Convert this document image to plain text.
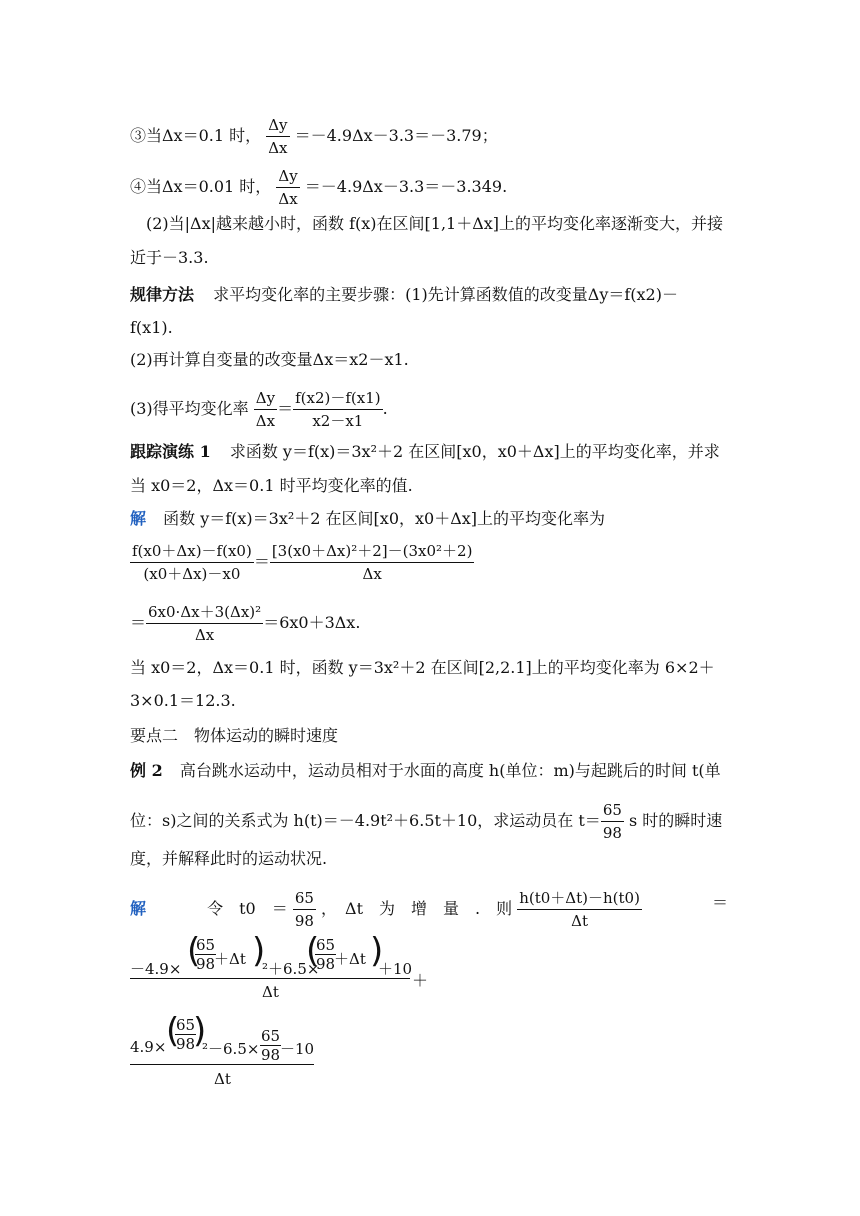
③当Δx＝0.1 时， $\frac{\Delta y}{\Delta x} =-4.9\Delta x-3.3=-3.79$；
④当Δx＝0.01 时， $\frac{\Delta y}{\Delta x} =-4.9\Delta x-3.3=-3.349$.
(2)当|Δx|越来越小时，函数 f(x)在区间[1,1＋Δx]上的平均变化率逐渐变大，并接
近于－3.3.
规律方法 求平均变化率的主要步骤：(1)先计算函数值的改变量Δy＝f(x2)－
f(x1).
(2)再计算自变量的改变量Δx＝x2－x1.
(3)得平均变化率 $\frac{\Delta y}{\Delta x} = \frac{f(x2)-f(x1)}{x2-x1}$ .
跟踪演练 1 求函数 y＝f(x)＝3x²＋2 在区间[x0，x0＋Δx]上的平均变化率，并求
当 x0＝2，Δx＝0.1 时平均变化率的值.
解 函数 y＝f(x)＝3x²＋2 在区间[x0，x0＋Δx]上的平均变化率为
$\frac{f(x0+\Delta x)-f(x0)}{(x0+\Delta x)-x0} = \frac{\text{[3(x0＋Δx)²＋2]－(3x0²＋2)}}{\Delta x}$
＝ $\frac{\text{6x0·Δx＋3(Δx)²}}{\Delta x} =6x0+3\Delta x$.
当 x0＝2，Δx＝0.1 时，函数 y＝3x²＋2 在区间[2,2.1]上的平均变化率为 6×2＋
3×0.1＝12.3.
要点二　物体运动的瞬时速度
例 2 高台跳水运动中，运动员相对于水面的高度 h(单位：m)与起跳后的时间 t(单
位：s)之间的关系式为 h(t)＝－4.9t²＋6.5t＋10，求运动员在 $t= \frac{65}{98}$ s 时的瞬时速
度，并解释此时的运动状况.
解	令　t0　＝ $\frac{65}{98}$ ，　Δt　为　增　量　.　则 $\frac{h(t0+\Delta t)-h(t0)}{\Delta t}$	＝
－4.9× (
$\frac{65}{98}$
＋Δt )
²＋6.5×
(
$\frac{65}{98}$
＋Δt )
＋10
＋
Δt
4.9× (
$\frac{65}{98}$
)
$^2-6.5\times \frac{65}{98}$
－10
Δt
